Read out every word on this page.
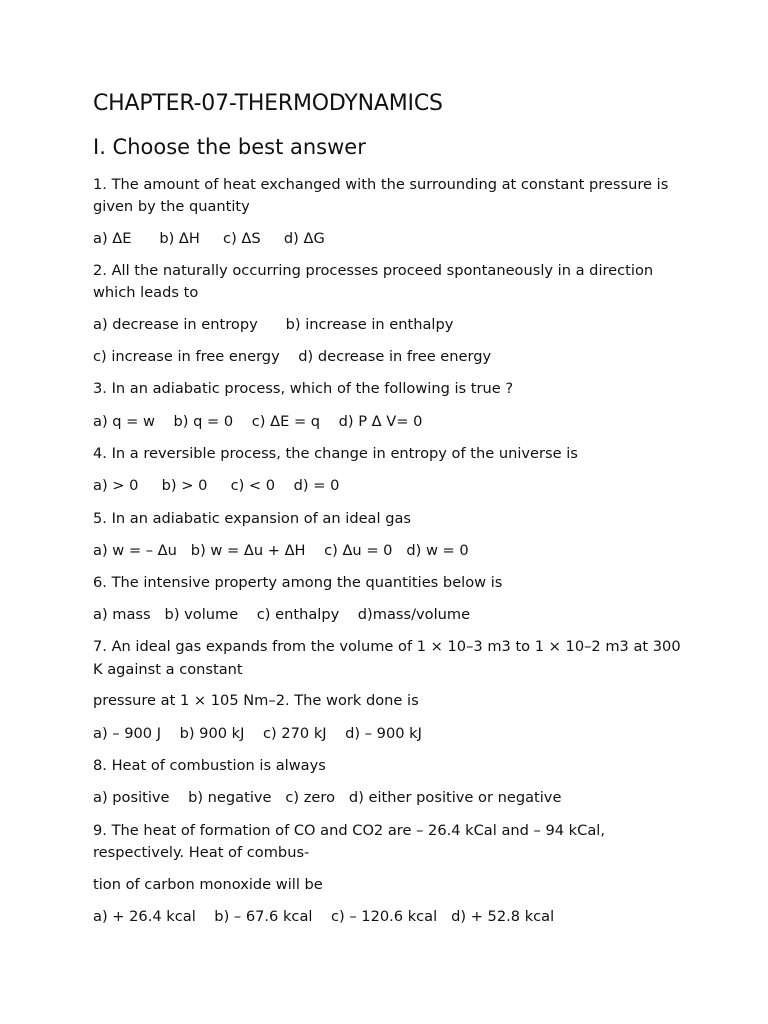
CHAPTER-07-THERMODYNAMICS
I. Choose the best answer
1. The amount of heat exchanged with the surrounding at constant pressure is
given by the quantity
a) ΔE      b) ΔH     c) ΔS     d) ΔG
2. All the naturally occurring processes proceed spontaneously in a direction
which leads to
a) decrease in entropy      b) increase in enthalpy
c) increase in free energy    d) decrease in free energy
3. In an adiabatic process, which of the following is true ?
a) q = w    b) q = 0    c) ΔE = q    d) P Δ V= 0
4. In a reversible process, the change in entropy of the universe is
a) > 0     b) > 0     c) < 0    d) = 0
5. In an adiabatic expansion of an ideal gas
a) w = – Δu   b) w = Δu + ΔH    c) Δu = 0   d) w = 0
6. The intensive property among the quantities below is
a) mass   b) volume    c) enthalpy    d)mass/volume
7. An ideal gas expands from the volume of 1 × 10–3 m3 to 1 × 10–2 m3 at 300
K against a constant
pressure at 1 × 105 Nm–2. The work done is
a) – 900 J    b) 900 kJ    c) 270 kJ    d) – 900 kJ
8. Heat of combustion is always
a) positive    b) negative   c) zero   d) either positive or negative
9. The heat of formation of CO and CO2 are – 26.4 kCal and – 94 kCal,
respectively. Heat of combus-
tion of carbon monoxide will be
a) + 26.4 kcal    b) – 67.6 kcal    c) – 120.6 kcal   d) + 52.8 kcal
